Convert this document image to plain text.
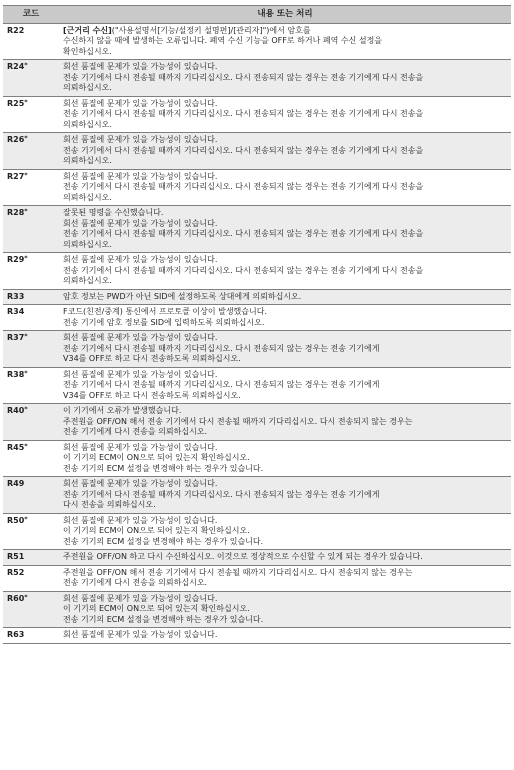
코드	내용 또는 처리
R22	[근거리 수신]("사용설명서[기능/설정키 설명편]/[관리자]")에서 암호를
수신하지 않을 때에 발생하는 오류입니다. 폐역 수신 기능을 OFF로 하거나 폐역 수신 설정을
확인하십시오.

R24*	회선 품질에 문제가 있을 가능성이 있습니다.
전송 기기에서 다시 전송될 때까지 기다리십시오. 다시 전송되지 않는 경우는 전송 기기에게 다시 전송을
의뢰하십시오.

R25*	회선 품질에 문제가 있을 가능성이 있습니다.
전송 기기에서 다시 전송될 때까지 기다리십시오. 다시 전송되지 않는 경우는 전송 기기에게 다시 전송을
의뢰하십시오.

R26*	회선 품질에 문제가 있을 가능성이 있습니다.
전송 기기에서 다시 전송될 때까지 기다리십시오. 다시 전송되지 않는 경우는 전송 기기에게 다시 전송을
의뢰하십시오.

R27*	회선 품질에 문제가 있을 가능성이 있습니다.
전송 기기에서 다시 전송될 때까지 기다리십시오. 다시 전송되지 않는 경우는 전송 기기에게 다시 전송을
의뢰하십시오.

R28*	잘못된 명령을 수신했습니다.
회선 품질에 문제가 있을 가능성이 있습니다.
전송 기기에서 다시 전송될 때까지 기다리십시오. 다시 전송되지 않는 경우는 전송 기기에게 다시 전송을
의뢰하십시오.

R29*	회선 품질에 문제가 있을 가능성이 있습니다.
전송 기기에서 다시 전송될 때까지 기다리십시오. 다시 전송되지 않는 경우는 전송 기기에게 다시 전송을
의뢰하십시오.

R33	암호 정보는 PWD가 아닌 SID에 설정하도록 상대에게 의뢰하십시오.

R34	F코드(친전/중계) 통신에서 프로토콜 이상이 발생했습니다.
전송 기기에 암호 정보를 SID에 입력하도록 의뢰하십시오.

R37*	회선 품질에 문제가 있을 가능성이 있습니다.
전송 기기에서 다시 전송될 때까지 기다리십시오. 다시 전송되지 않는 경우는 전송 기기에게
V34를 OFF로 하고 다시 전송하도록 의뢰하십시오.

R38*	회선 품질에 문제가 있을 가능성이 있습니다.
전송 기기에서 다시 전송될 때까지 기다리십시오. 다시 전송되지 않는 경우는 전송 기기에게
V34를 OFF로 하고 다시 전송하도록 의뢰하십시오.

R40*	이 기기에서 오류가 발생했습니다.
주전원을 OFF/ON 해서 전송 기기에서 다시 전송될 때까지 기다리십시오. 다시 전송되지 않는 경우는
전송 기기에게 다시 전송을 의뢰하십시오.

R45*	회선 품질에 문제가 있을 가능성이 있습니다.
이 기기의 ECM이 ON으로 되어 있는지 확인하십시오.
전송 기기의 ECM 설정을 변경해야 하는 경우가 있습니다.

R49	회선 품질에 문제가 있을 가능성이 있습니다.
전송 기기에서 다시 전송될 때까지 기다리십시오. 다시 전송되지 않는 경우는 전송 기기에게
다시 전송을 의뢰하십시오.

R50*	회선 품질에 문제가 있을 가능성이 있습니다.
이 기기의 ECM이 ON으로 되어 있는지 확인하십시오.
전송 기기의 ECM 설정을 변경해야 하는 경우가 있습니다.

R51	주전원을 OFF/ON 하고 다시 수신하십시오. 이것으로 정상적으로 수신할 수 있게 되는 경우가 있습니다.

R52	주전원을 OFF/ON 해서 전송 기기에서 다시 전송될 때까지 기다리십시오. 다시 전송되지 않는 경우는
전송 기기에게 다시 전송을 의뢰하십시오.

R60*	회선 품질에 문제가 있을 가능성이 있습니다.
이 기기의 ECM이 ON으로 되어 있는지 확인하십시오.
전송 기기의 ECM 설정을 변경해야 하는 경우가 있습니다.

R63	회선 품질에 문제가 있을 가능성이 있습니다.
